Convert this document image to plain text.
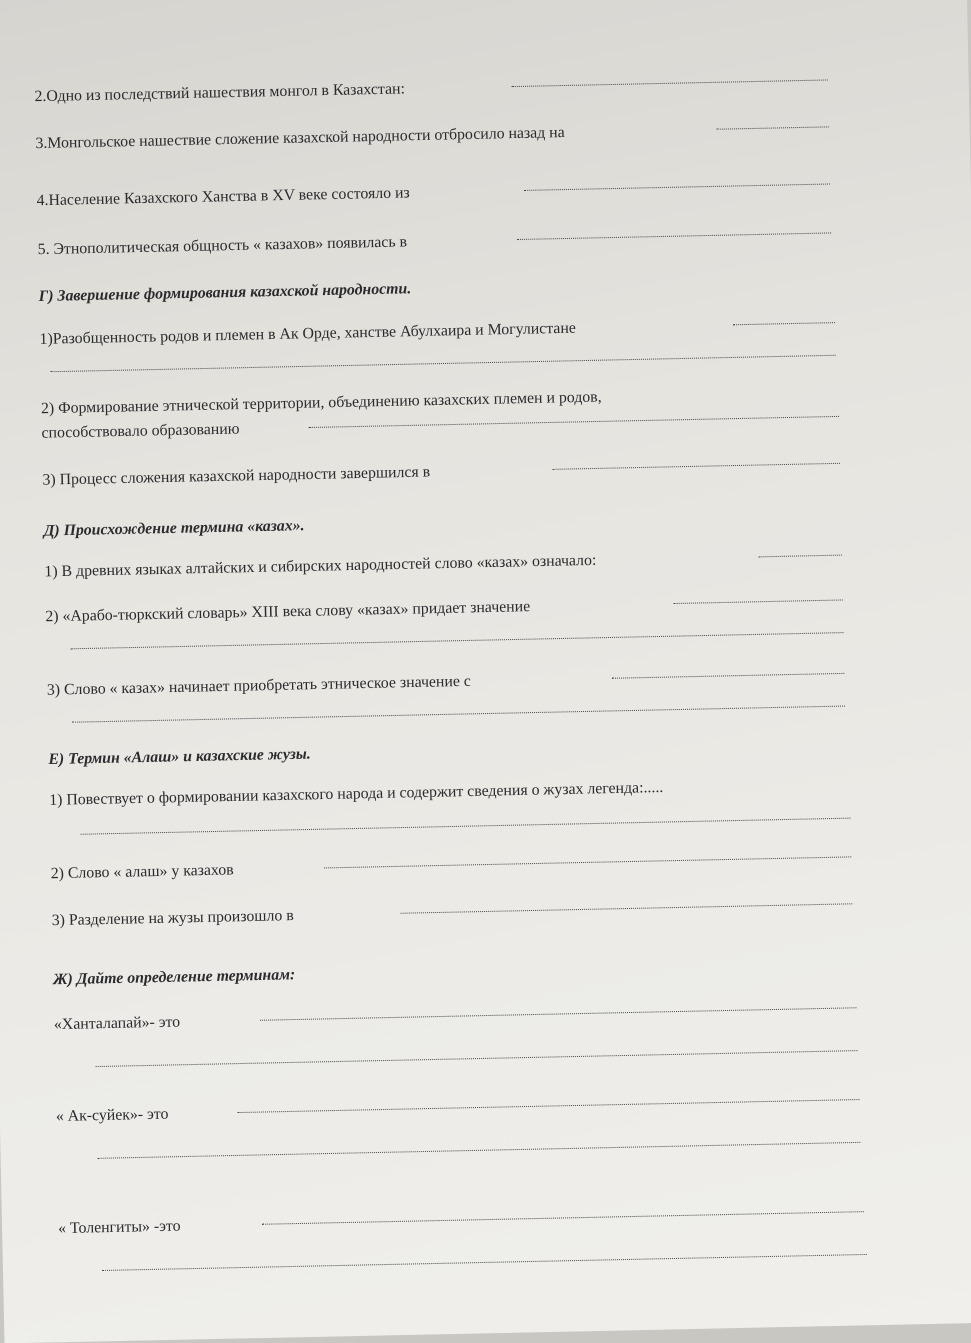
2.Одно из последствий нашествия монгол в Казахстан:
3.Монгольское нашествие сложение казахской народности отбросило назад на
4.Население Казахского Ханства в XV веке состояло из
5. Этнополитическая общность « казахов» появилась в
Г) Завершение формирования казахской народности.
1)Разобщенность родов и племен в Ак Орде, ханстве Абулхаира и Могулистане
2) Формирование этнической территории, объединению казахских племен и родов,
способствовало образованию
3) Процесс сложения казахской народности завершился в
Д) Происхождение термина «казах».
1) В древних языках алтайских и сибирских народностей слово «казах» означало:
2) «Арабо-тюркский словарь» XIII века слову «казах» придает значение
3) Слово « казах» начинает приобретать этническое значение с
Е) Термин «Алаш» и казахские жузы.
1) Повествует о формировании казахского народа и содержит сведения о жузах легенда:.....
2) Слово « алаш» у казахов
3) Разделение на жузы произошло в
Ж) Дайте определение терминам:
«Ханталапай»- это
« Ак-суйек»- это
« Толенгиты» -это
